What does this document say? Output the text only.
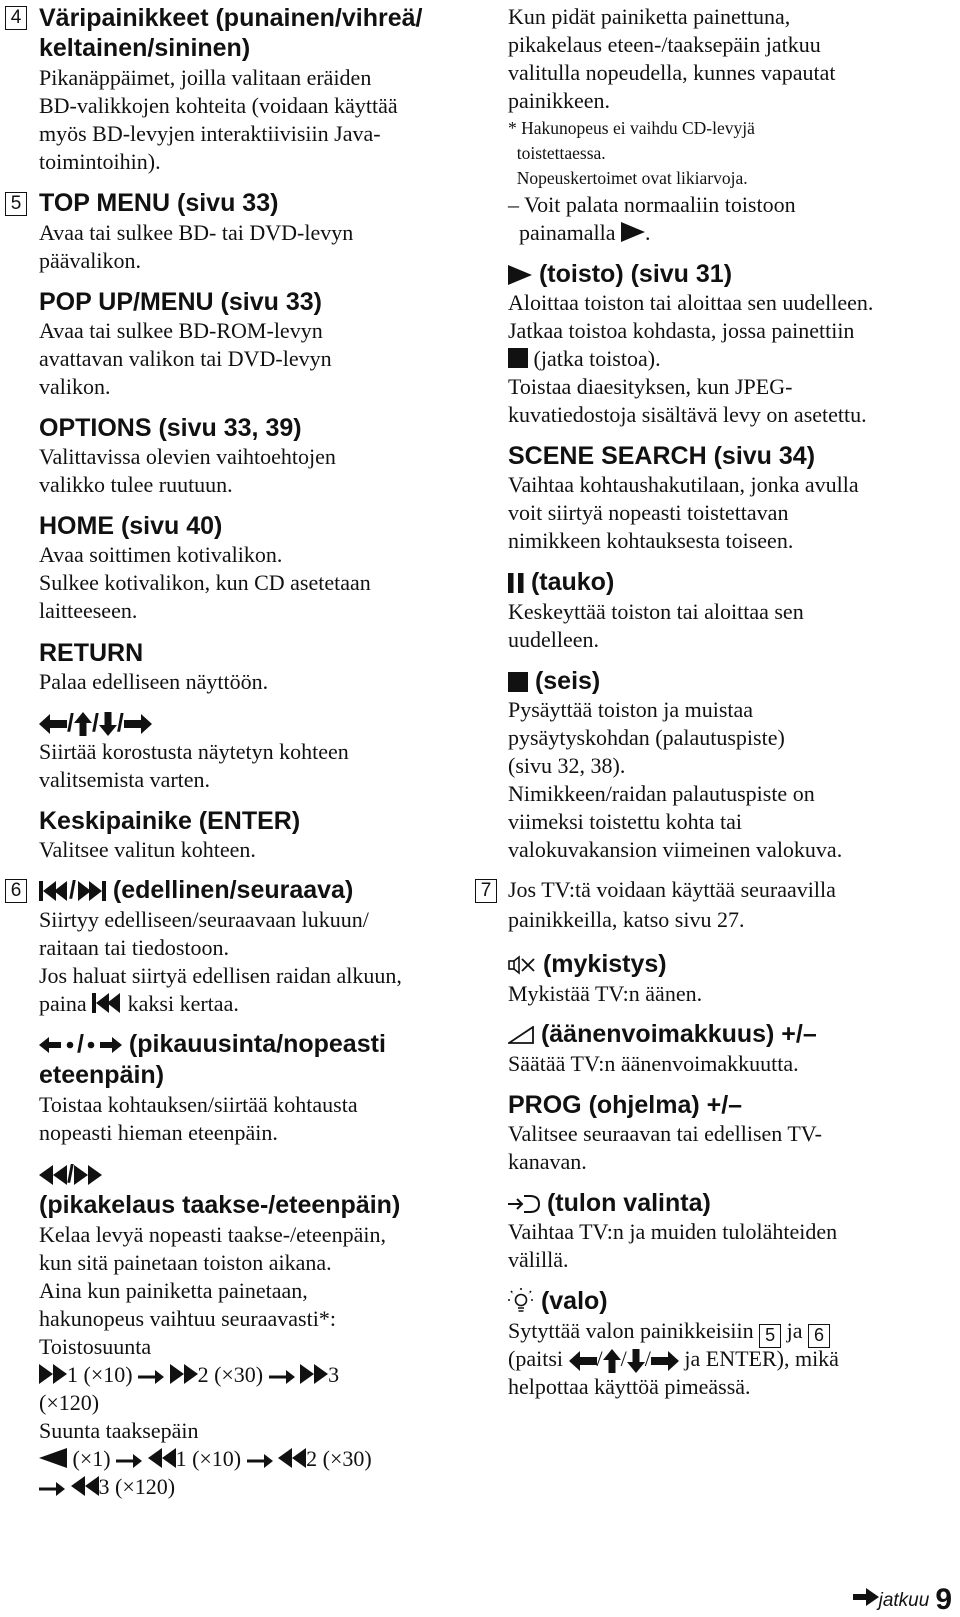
4 Väripainikkeet (punainen/vihreä/
keltainen/sininen)
Pikanäppäimet, joilla valitaan eräiden
BD-valikkojen kohteita (voidaan käyttää
myös BD-levyjen interaktiivisiin Java-
toimintoihin).
5 TOP MENU (sivu 33)
Avaa tai sulkee BD- tai DVD-levyn
päävalikon.
POP UP/MENU (sivu 33)
Avaa tai sulkee BD-ROM-levyn
avattavan valikon tai DVD-levyn
valikon.
OPTIONS (sivu 33, 39)
Valittavissa olevien vaihtoehtojen
valikko tulee ruutuun.
HOME (sivu 40)
Avaa soittimen kotivalikon.
Sulkee kotivalikon, kun CD asetetaan
laitteeseen.
RETURN
Palaa edelliseen näyttöön.
/ / /
Siirtää korostusta näytetyn kohteen
valitsemista varten.
Keskipainike (ENTER)
Valitsee valitun kohteen.
6	/ (edellinen/seuraava)
Siirtyy edelliseen/seuraavaan lukuun/
raitaan tai tiedostoon.
Jos haluat siirtyä edellisen raidan alkuun,
paina  kaksi kertaa.
/ (pikauusinta/nopeasti
eteenpäin)
Toistaa kohtauksen/siirtää kohtausta
nopeasti hieman eteenpäin.
/
(pikakelaus taakse-/eteenpäin)
Kelaa levyä nopeasti taakse-/eteenpäin,
kun sitä painetaan toiston aikana.
Aina kun painiketta painetaan,
hakunopeus vaihtuu seuraavasti*:
Toistosuunta
1 (×10)	2 (×30)	3
(×120)
Suunta taaksepäin
(×1)	1 (×10)	2 (×30)
3 (×120)
Kun pidät painiketta painettuna,
pikakelaus eteen-/taaksepäin jatkuu
valitulla nopeudella, kunnes vapautat
painikkeen.
* Hakunopeus ei vaihdu CD-levyjä
toistettaessa.
Nopeuskertoimet ovat likiarvoja.
– Voit palata normaaliin toistoon
painamalla .
(toisto) (sivu 31)
Aloittaa toiston tai aloittaa sen uudelleen.
Jatkaa toistoa kohdasta, jossa painettiin
(jatka toistoa).
Toistaa diaesityksen, kun JPEG-
kuvatiedostoja sisältävä levy on asetettu.
SCENE SEARCH (sivu 34)
Vaihtaa kohtaushakutilaan, jonka avulla
voit siirtyä nopeasti toistettavan
nimikkeen kohtauksesta toiseen.
(tauko)
Keskeyttää toiston tai aloittaa sen
uudelleen.
(seis)
Pysäyttää toiston ja muistaa
pysäytyskohdan (palautuspiste)
(sivu 32, 38).
Nimikkeen/raidan palautuspiste on
viimeksi toistettu kohta tai
valokuvakansion viimeinen valokuva.
7 Jos TV:tä voidaan käyttää seuraavilla
painikkeilla, katso sivu 27.
(mykistys)
Mykistää TV:n äänen.
(äänenvoimakkuus) +/–
Säätää TV:n äänenvoimakkuutta.
PROG (ohjelma) +/–
Valitsee seuraavan tai edellisen TV-
kanavan.
(tulon valinta)
Vaihtaa TV:n ja muiden tulolähteiden
välillä.
(valo)
Sytyttää valon painikkeisiin 5 ja 6
(paitsi / / / ja ENTER), mikä
helpottaa käyttöä pimeässä.
jatkuu 9
